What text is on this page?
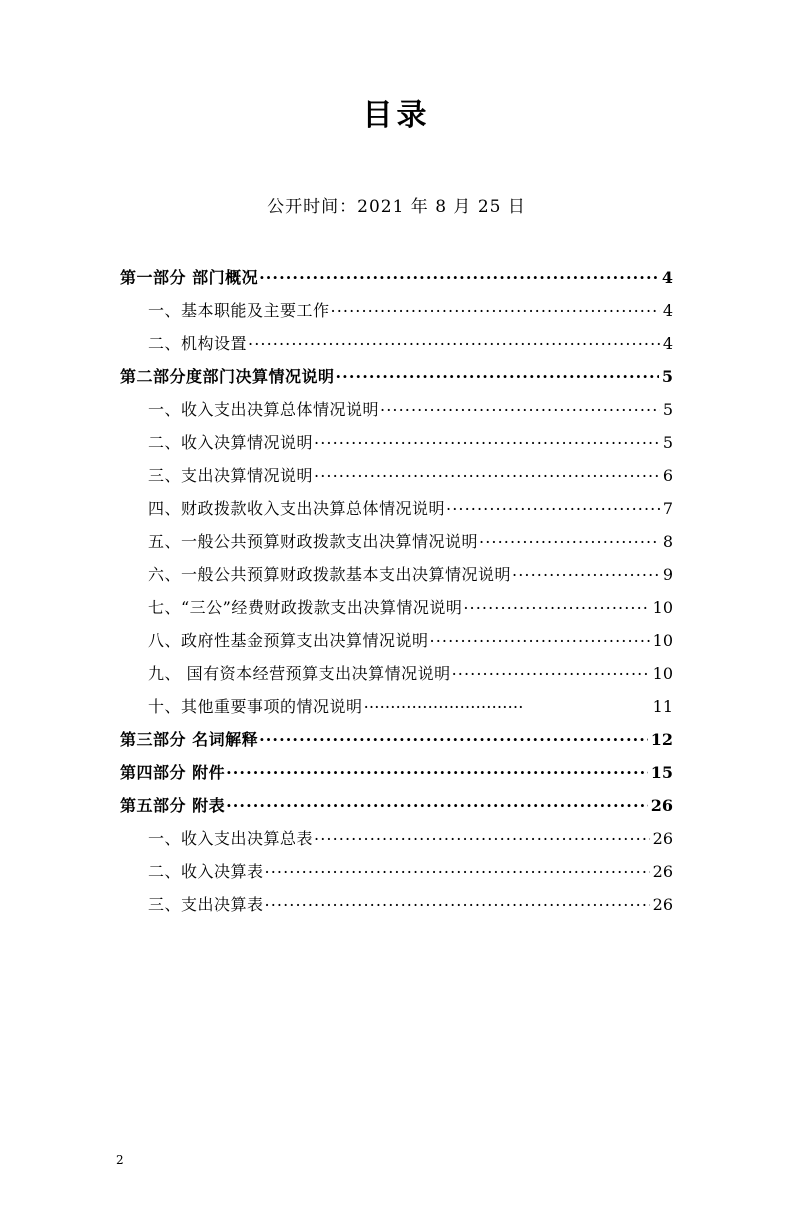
目录
公开时间：2021 年 8 月 25 日
第一部分 部门概况 .....	4
一、基本职能及主要工作 .....	4
二、机构设置 .....	4
第二部分度部门决算情况说明 .....	5
一、收入支出决算总体情况说明 .....	5
二、收入决算情况说明 .....	5
三、支出决算情况说明 .....	6
四、财政拨款收入支出决算总体情况说明 .....	7
五、一般公共预算财政拨款支出决算情况说明 .....	8
六、一般公共预算财政拨款基本支出决算情况说明 .....	9
七、“三公”经费财政拨款支出决算情况说明 .....	10
八、政府性基金预算支出决算情况说明 .....	10
九、 国有资本经营预算支出决算情况说明 .....	10
十、其他重要事项的情况说明 …………………………	11
第三部分 名词解释 .....	12
第四部分 附件 .....	15
第五部分 附表 .....	26
一、收入支出决算总表 .....	26
二、收入决算表 .....	26
三、支出决算表 .....	26
2
